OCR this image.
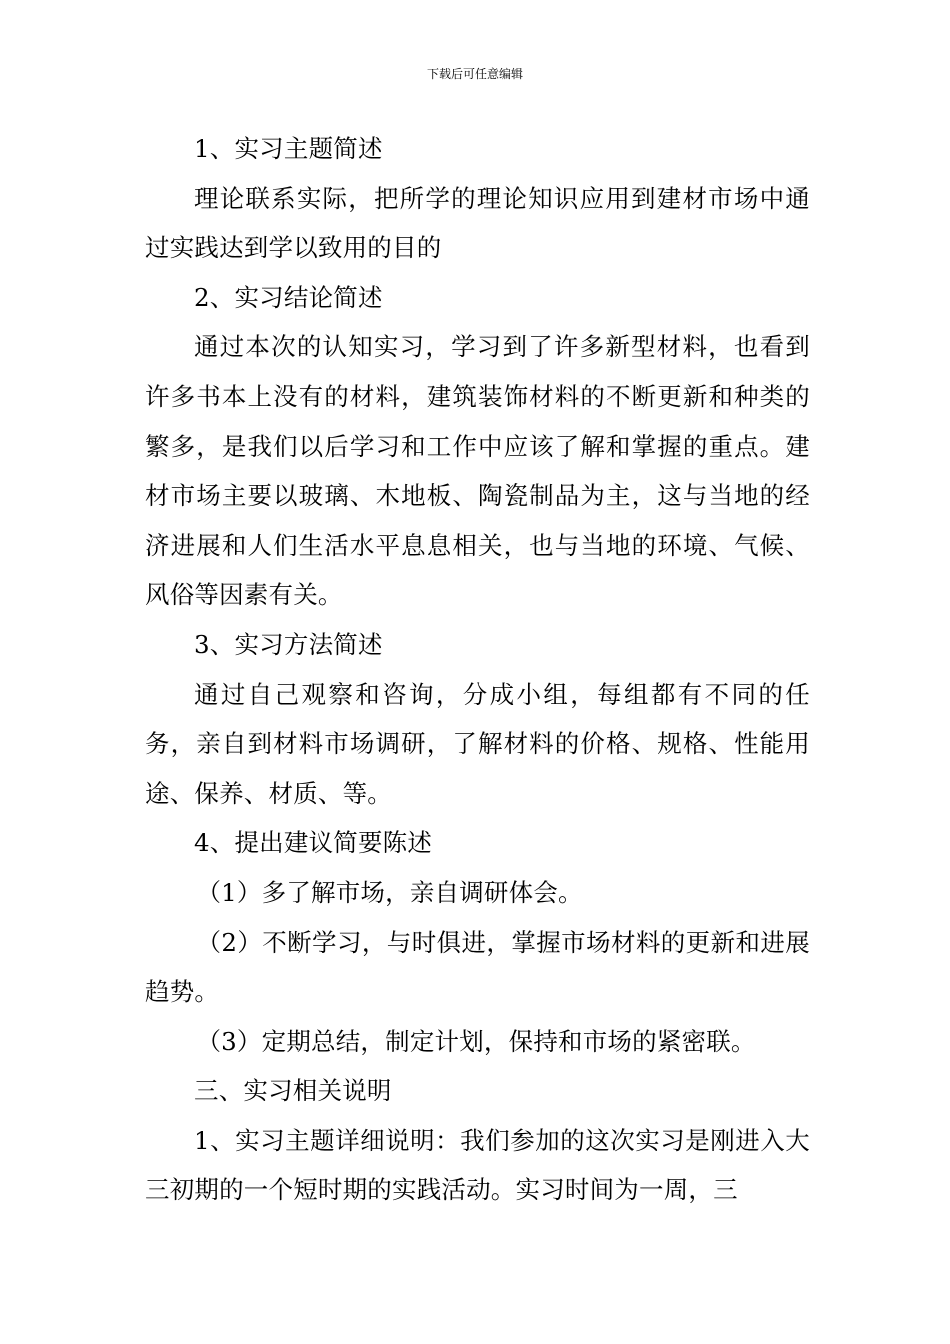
下载后可任意编辑

1、实习主题简述

理论联系实际，把所学的理论知识应用到建材市场中通过实践达到学以致用的目的

2、实习结论简述

通过本次的认知实习，学习到了许多新型材料，也看到许多书本上没有的材料，建筑装饰材料的不断更新和种类的繁多，是我们以后学习和工作中应该了解和掌握的重点。建材市场主要以玻璃、木地板、陶瓷制品为主，这与当地的经济进展和人们生活水平息息相关，也与当地的环境、气候、风俗等因素有关。

3、实习方法简述

通过自己观察和咨询，分成小组，每组都有不同的任务，亲自到材料市场调研，了解材料的价格、规格、性能用途、保养、材质、等。

4、提出建议简要陈述

（1）多了解市场，亲自调研体会。

（2）不断学习，与时俱进，掌握市场材料的更新和进展趋势。

（3）定期总结，制定计划，保持和市场的紧密联。

三、实习相关说明

1、实习主题详细说明：我们参加的这次实习是刚进入大三初期的一个短时期的实践活动。实习时间为一周，三
